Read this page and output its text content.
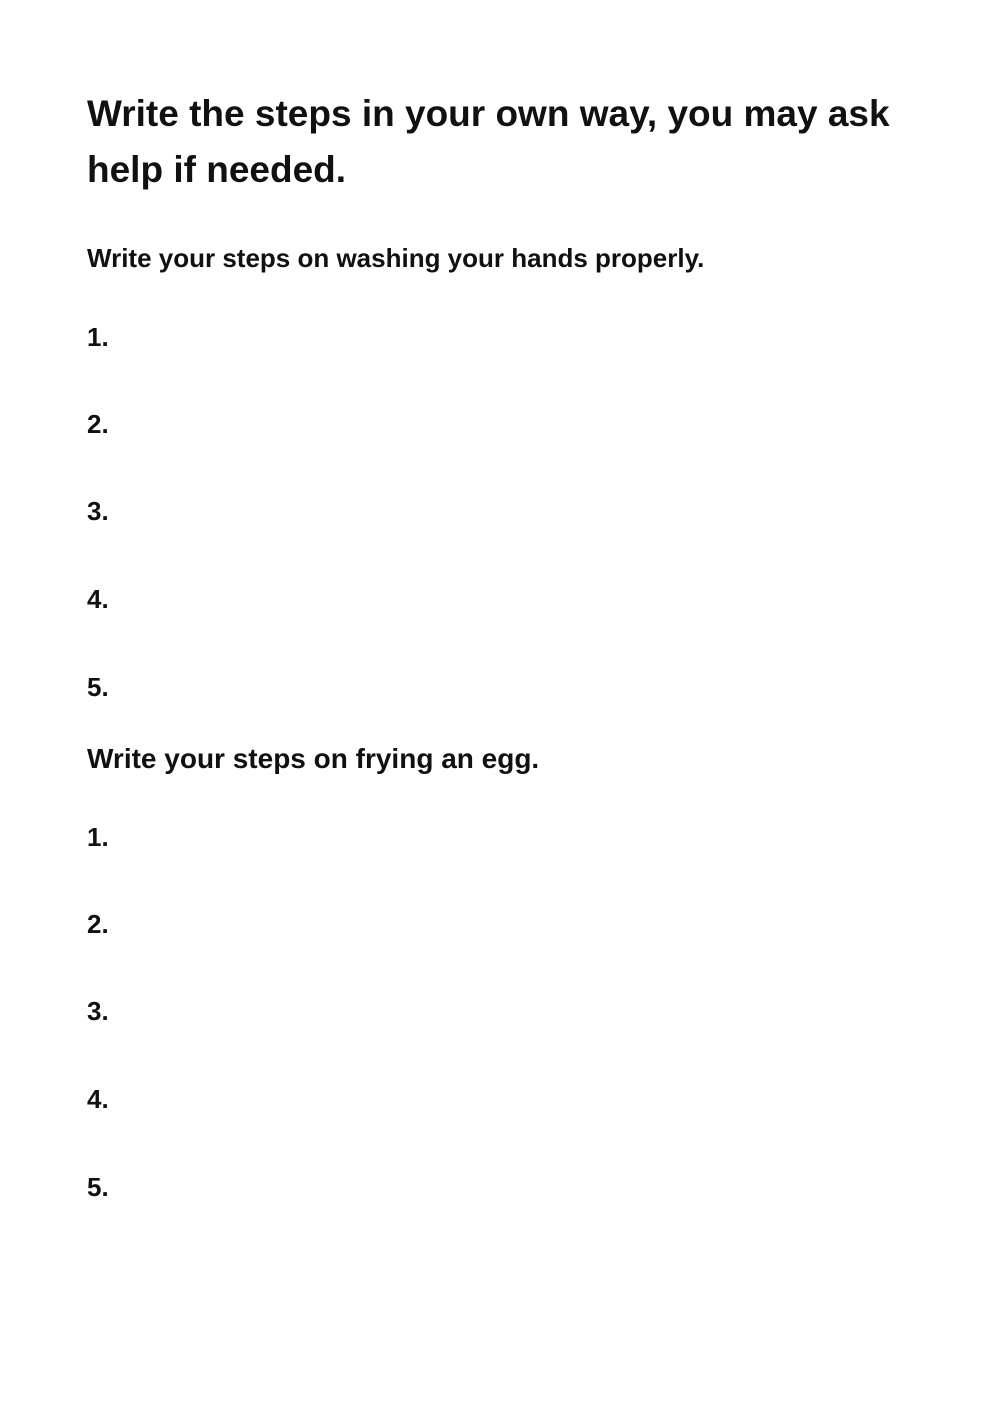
Write the steps in your own way, you may ask help if needed.

Write your steps on washing your hands properly.

1.

2.

3.

4.

5.

Write your steps on frying an egg.

1.

2.

3.

4.

5.
